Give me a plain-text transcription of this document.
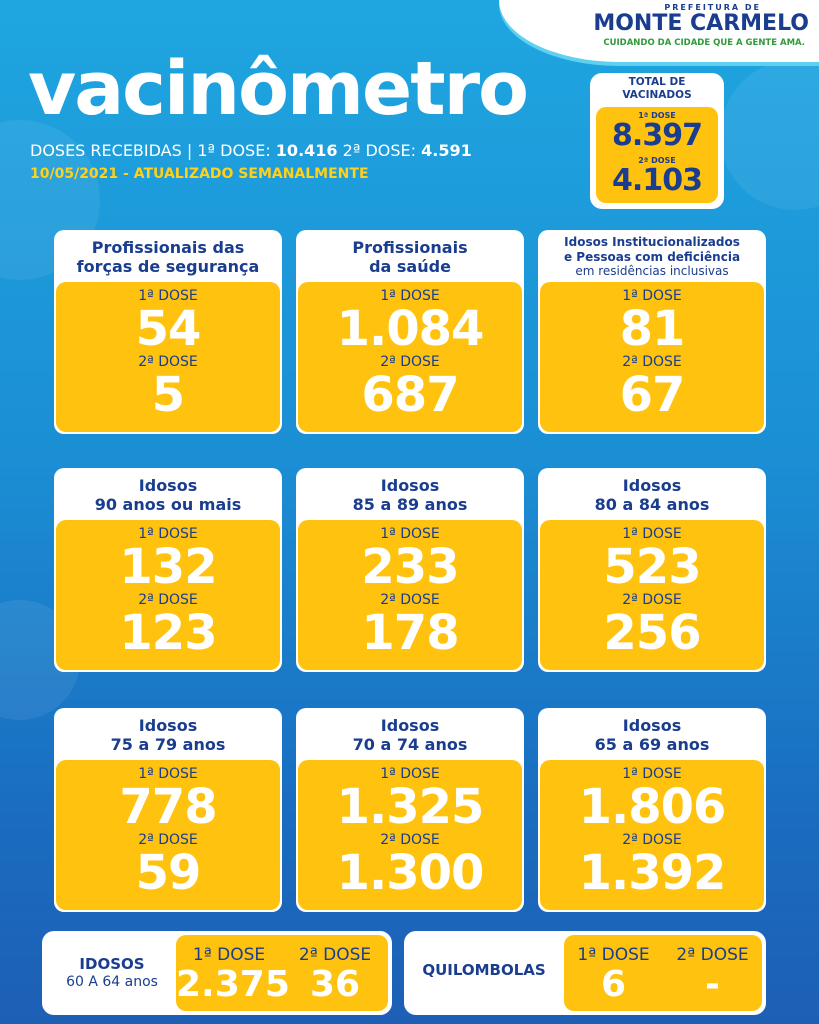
PREFEITURA DE
MONTE CARMELO
CUIDANDO DA CIDADE QUE A GENTE AMA.
vacinômetro
DOSES RECEBIDAS | 1ª DOSE: 10.416 2ª DOSE: 4.591
10/05/2021 - ATUALIZADO SEMANALMENTE
TOTAL DE
VACINADOS
1ª DOSE
8.397
2ª DOSE
4.103
Profissionais das
forças de segurança
1ª DOSE
54
2ª DOSE
5
Profissionais
da saúde
1ª DOSE
1.084
2ª DOSE
687
Idosos Institucionalizados
e Pessoas com deficiência
em residências inclusivas
1ª DOSE
81
2ª DOSE
67
Idosos
90 anos ou mais
1ª DOSE
132
2ª DOSE
123
Idosos
85 a 89 anos
1ª DOSE
233
2ª DOSE
178
Idosos
80 a 84 anos
1ª DOSE
523
2ª DOSE
256
Idosos
75 a 79 anos
1ª DOSE
778
2ª DOSE
59
Idosos
70 a 74 anos
1ª DOSE
1.325
2ª DOSE
1.300
Idosos
65 a 69 anos
1ª DOSE
1.806
2ª DOSE
1.392
IDOSOS
60 A 64 anos
1ª DOSE
2.375
2ª DOSE
36	QUILOMBOLAS
1ª DOSE
6
2ª DOSE
-
